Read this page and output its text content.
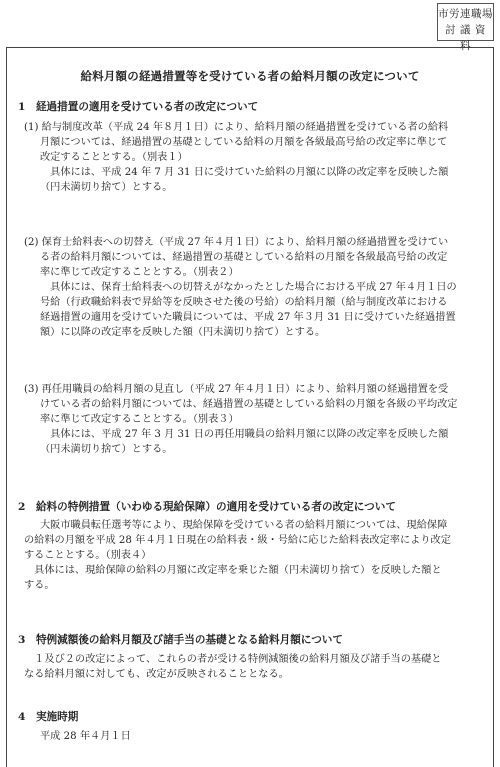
市労連職場
討 議 資 料
給料月額の経過措置等を受けている者の給料月額の改定について
1　経過措置の適用を受けている者の改定について
(1) 給与制度改革（平成 24 年８月１日）により、給料月額の経過措置を受けている者の給料
月額については、経過措置の基礎としている給料の月額を各級最高号給の改定率に準じて
改定することとする。（別表１）
　具体には、平成 24 年 7 月 31 日に受けていた給料の月額に以降の改定率を反映した額
（円未満切り捨て）とする。
(2) 保育士給料表への切替え（平成 27 年４月１日）により、給料月額の経過措置を受けてい
る者の給料月額については、経過措置の基礎としている給料の月額を各級最高号給の改定
率に準じて改定することとする。（別表２）
　具体には、保育士給料表への切替えがなかったとした場合における平成 27 年４月１日の
号給（行政職給料表で昇給等を反映させた後の号給）の給料月額（給与制度改革における
経過措置の適用を受けていた職員については、平成 27 年３月 31 日に受けていた経過措置
額）に以降の改定率を反映した額（円未満切り捨て）とする。
(3) 再任用職員の給料月額の見直し（平成 27 年４月１日）により、給料月額の経過措置を受
けている者の給料月額については、経過措置の基礎としている給料の月額を各級の平均改定
率に準じて改定することとする。（別表３）
　具体には、平成 27 年 3 月 31 日の再任用職員の給料月額に以降の改定率を反映した額
（円未満切り捨て）とする。
2　給料の特例措置（いわゆる現給保障）の適用を受けている者の改定について
大阪市職員転任選考等により、現給保障を受けている者の給料月額については、現給保障
の給料の月額を平成 28 年４月１日現在の給料表・級・号給に応じた給料表改定率により改定
することとする。（別表４）
　具体には、現給保障の給料の月額に改定率を乗じた額（円未満切り捨て）を反映した額と
する。
3　特例減額後の給料月額及び諸手当の基礎となる給料月額について
　１及び２の改定によって、これらの者が受ける特例減額後の給料月額及び諸手当の基礎と
なる給料月額に対しても、改定が反映されることとなる。
4　実施時期
平成 28 年４月１日
